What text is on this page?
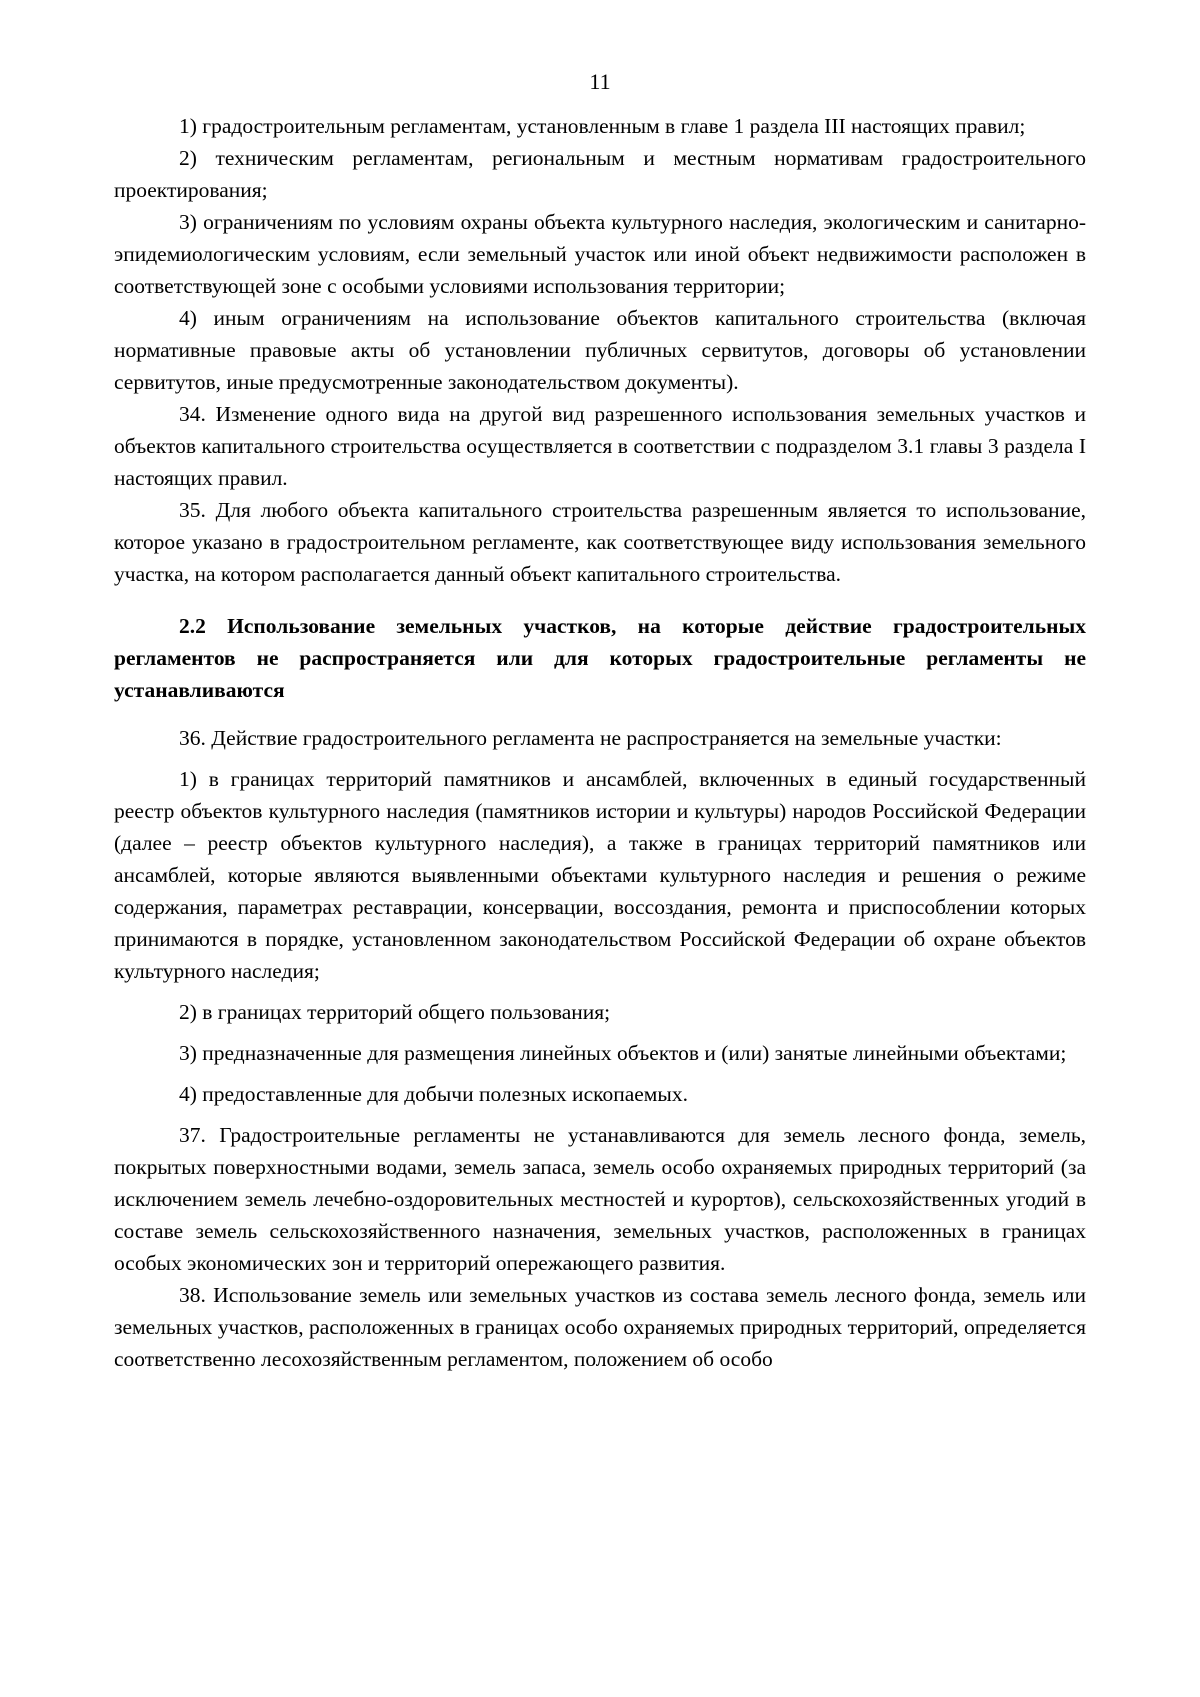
11

1) градостроительным регламентам, установленным в главе 1 раздела III настоящих правил;

2) техническим регламентам, региональным и местным нормативам градостроительного проектирования;

3) ограничениям по условиям охраны объекта культурного наследия, экологическим и санитарно-эпидемиологическим условиям, если земельный участок или иной объект недвижимости расположен в соответствующей зоне с особыми условиями использования территории;

4) иным ограничениям на использование объектов капитального строительства (включая нормативные правовые акты об установлении публичных сервитутов, договоры об установлении сервитутов, иные предусмотренные законодательством документы).

34. Изменение одного вида на другой вид разрешенного использования земельных участков и объектов капитального строительства осуществляется в соответствии с подразделом 3.1 главы 3 раздела I настоящих правил.

35. Для любого объекта капитального строительства разрешенным является то использование, которое указано в градостроительном регламенте, как соответствующее виду использования земельного участка, на котором располагается данный объект капитального строительства.

2.2 Использование земельных участков, на которые действие градостроительных регламентов не распространяется или для которых градостроительные регламенты не устанавливаются

36. Действие градостроительного регламента не распространяется на земельные участки:

1) в границах территорий памятников и ансамблей, включенных в единый государственный реестр объектов культурного наследия (памятников истории и культуры) народов Российской Федерации (далее – реестр объектов культурного наследия), а также в границах территорий памятников или ансамблей, которые являются выявленными объектами культурного наследия и решения о режиме содержания, параметрах реставрации, консервации, воссоздания, ремонта и приспособлении которых принимаются в порядке, установленном законодательством Российской Федерации об охране объектов культурного наследия;

2) в границах территорий общего пользования;

3) предназначенные для размещения линейных объектов и (или) занятые линейными объектами;

4) предоставленные для добычи полезных ископаемых.

37. Градостроительные регламенты не устанавливаются для земель лесного фонда, земель, покрытых поверхностными водами, земель запаса, земель особо охраняемых природных территорий (за исключением земель лечебно-оздоровительных местностей и курортов), сельскохозяйственных угодий в составе земель сельскохозяйственного назначения, земельных участков, расположенных в границах особых экономических зон и территорий опережающего развития.

38. Использование земель или земельных участков из состава земель лесного фонда, земель или земельных участков, расположенных в границах особо охраняемых природных территорий, определяется соответственно лесохозяйственным регламентом, положением об особо
